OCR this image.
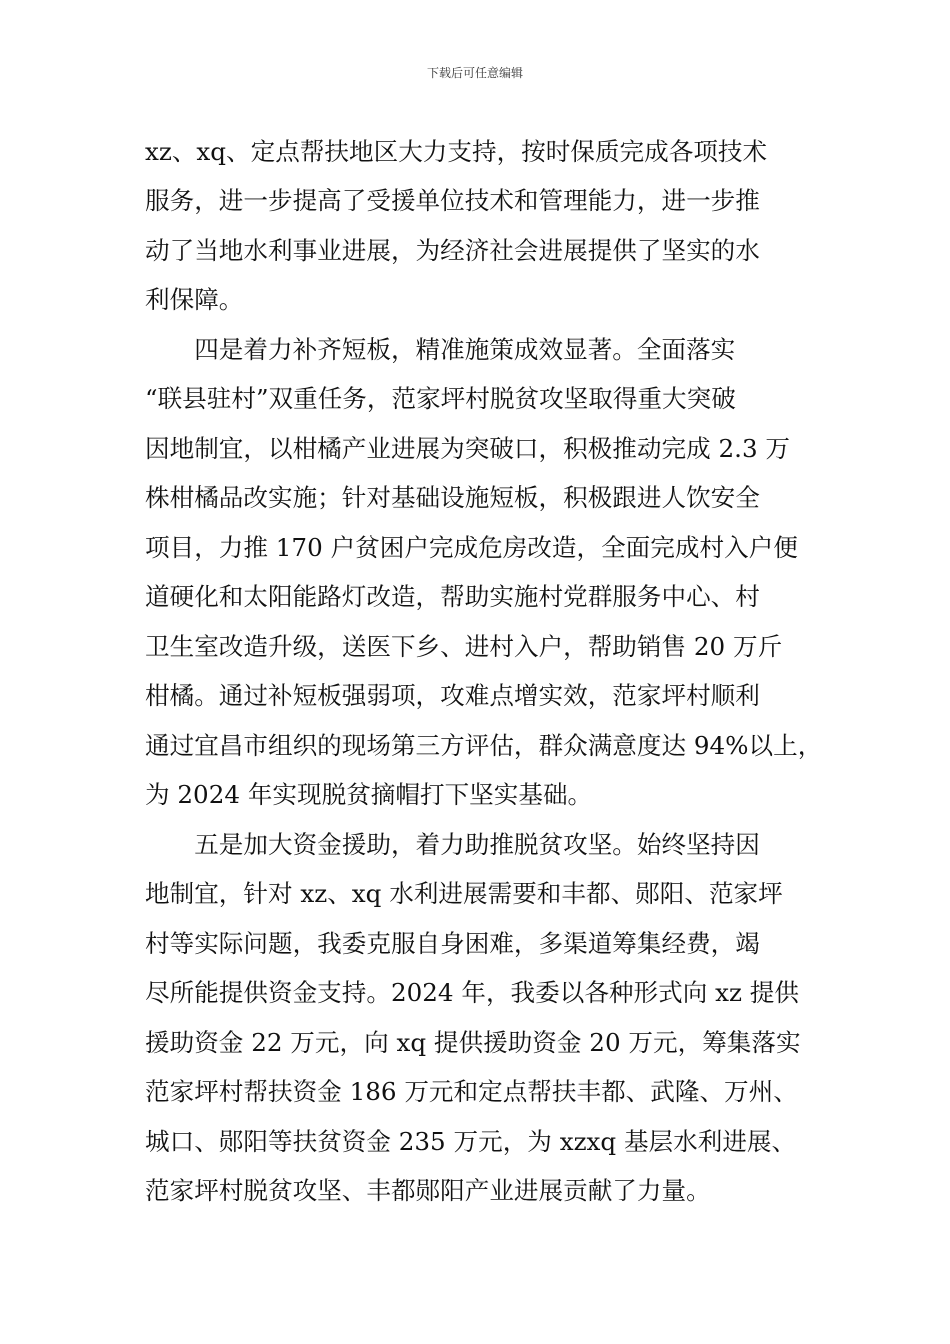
下载后可任意编辑
xz、xq、定点帮扶地区大力支持，按时保质完成各项技术
服务，进一步提高了受援单位技术和管理能力，进一步推
动了当地水利事业进展，为经济社会进展提供了坚实的水
利保障。
　　四是着力补齐短板，精准施策成效显著。全面落实
“联县驻村”双重任务，范家坪村脱贫攻坚取得重大突破
因地制宜，以柑橘产业进展为突破口，积极推动完成 2.3 万
株柑橘品改实施；针对基础设施短板，积极跟进人饮安全
项目，力推 170 户贫困户完成危房改造，全面完成村入户便
道硬化和太阳能路灯改造，帮助实施村党群服务中心、村
卫生室改造升级，送医下乡、进村入户，帮助销售 20 万斤
柑橘。通过补短板强弱项，攻难点增实效，范家坪村顺利
通过宜昌市组织的现场第三方评估，群众满意度达 94%以上，
为 2024 年实现脱贫摘帽打下坚实基础。
　　五是加大资金援助，着力助推脱贫攻坚。始终坚持因
地制宜，针对 xz、xq 水利进展需要和丰都、郧阳、范家坪
村等实际问题，我委克服自身困难，多渠道筹集经费，竭
尽所能提供资金支持。2024 年，我委以各种形式向 xz 提供
援助资金 22 万元，向 xq 提供援助资金 20 万元，筹集落实
范家坪村帮扶资金 186 万元和定点帮扶丰都、武隆、万州、
城口、郧阳等扶贫资金 235 万元，为 xzxq 基层水利进展、
范家坪村脱贫攻坚、丰都郧阳产业进展贡献了力量。
